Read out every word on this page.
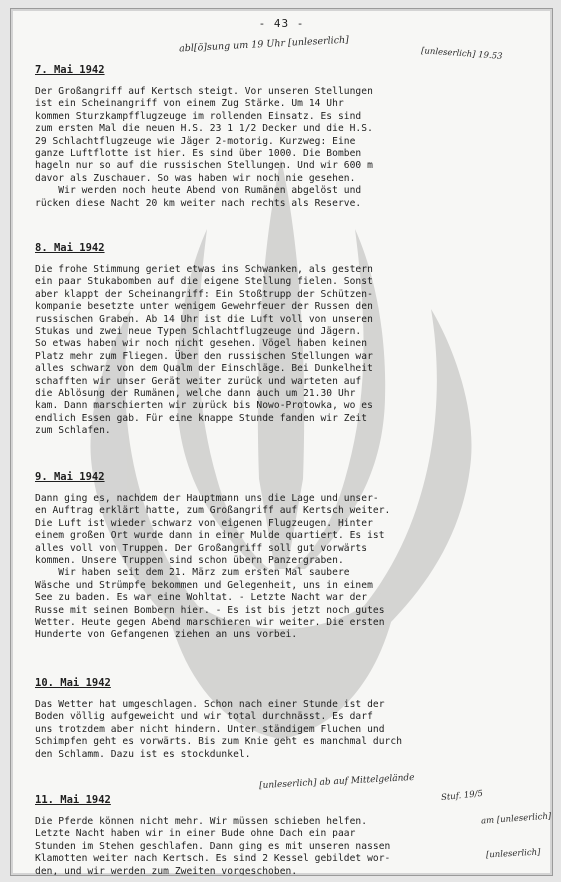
- 43 -
abl[ö]sung um 19 Uhr [unleserlich]	[unleserlich] 19.53
[unleserlich] ab auf Mittelgelände
Stuf. 19/5
am [unleserlich]
[unleserlich]
7. Mai 1942

Der Großangriff auf Kertsch steigt. Vor unseren Stellungen
ist ein Scheinangriff von einem Zug Stärke. Um 14 Uhr
kommen Sturzkampfflugzeuge im rollenden Einsatz. Es sind
zum ersten Mal die neuen H.S. 23 1 1/2 Decker und die H.S.
29 Schlachtflugzeuge wie Jäger 2-motorig. Kurzweg: Eine
ganze Luftflotte ist hier. Es sind über 1000. Die Bomben
hageln nur so auf die russischen Stellungen. Und wir 600 m
davor als Zuschauer. So was haben wir noch nie gesehen.
Wir werden noch heute Abend von Rumänen abgelöst und
rücken diese Nacht 20 km weiter nach rechts als Reserve.

8. Mai 1942

Die frohe Stimmung geriet etwas ins Schwanken, als gestern
ein paar Stukabomben auf die eigene Stellung fielen. Sonst
aber klappt der Scheinangriff: Ein Stoßtrupp der Schützen-
kompanie besetzte unter wenigem Gewehrfeuer der Russen den
russischen Graben. Ab 14 Uhr ist die Luft voll von unseren
Stukas und zwei neue Typen Schlachtflugzeuge und Jägern.
So etwas haben wir noch nicht gesehen. Vögel haben keinen
Platz mehr zum Fliegen. Über den russischen Stellungen war
alles schwarz von dem Qualm der Einschläge. Bei Dunkelheit
schafften wir unser Gerät weiter zurück und warteten auf
die Ablösung der Rumänen, welche dann auch um 21.30 Uhr
kam. Dann marschierten wir zurück bis Nowo-Protowka, wo es
endlich Essen gab. Für eine knappe Stunde fanden wir Zeit
zum Schlafen.

9. Mai 1942

Dann ging es, nachdem der Hauptmann uns die Lage und unser-
en Auftrag erklärt hatte, zum Großangriff auf Kertsch weiter.
Die Luft ist wieder schwarz von eigenen Flugzeugen. Hinter
einem großen Ort wurde dann in einer Mulde quartiert. Es ist
alles voll von Truppen. Der Großangriff soll gut vorwärts
kommen. Unsere Truppen sind schon übern Panzergraben.
Wir haben seit dem 21. März zum ersten Mal saubere
Wäsche und Strümpfe bekommen und Gelegenheit, uns in einem
See zu baden. Es war eine Wohltat. - Letzte Nacht war der
Russe mit seinen Bombern hier. - Es ist bis jetzt noch gutes
Wetter. Heute gegen Abend marschieren wir weiter. Die ersten
Hunderte von Gefangenen ziehen an uns vorbei.

10. Mai 1942

Das Wetter hat umgeschlagen. Schon nach einer Stunde ist der
Boden völlig aufgeweicht und wir total durchnässt. Es darf
uns trotzdem aber nicht hindern. Unter ständigem Fluchen und
Schimpfen geht es vorwärts. Bis zum Knie geht es manchmal durch
den Schlamm. Dazu ist es stockdunkel.

11. Mai 1942

Die Pferde können nicht mehr. Wir müssen schieben helfen.
Letzte Nacht haben wir in einer Bude ohne Dach ein paar
Stunden im Stehen geschlafen. Dann ging es mit unseren nassen
Klamotten weiter nach Kertsch. Es sind 2 Kessel gebildet wor-
den, und wir werden zum Zweiten vorgeschoben.
